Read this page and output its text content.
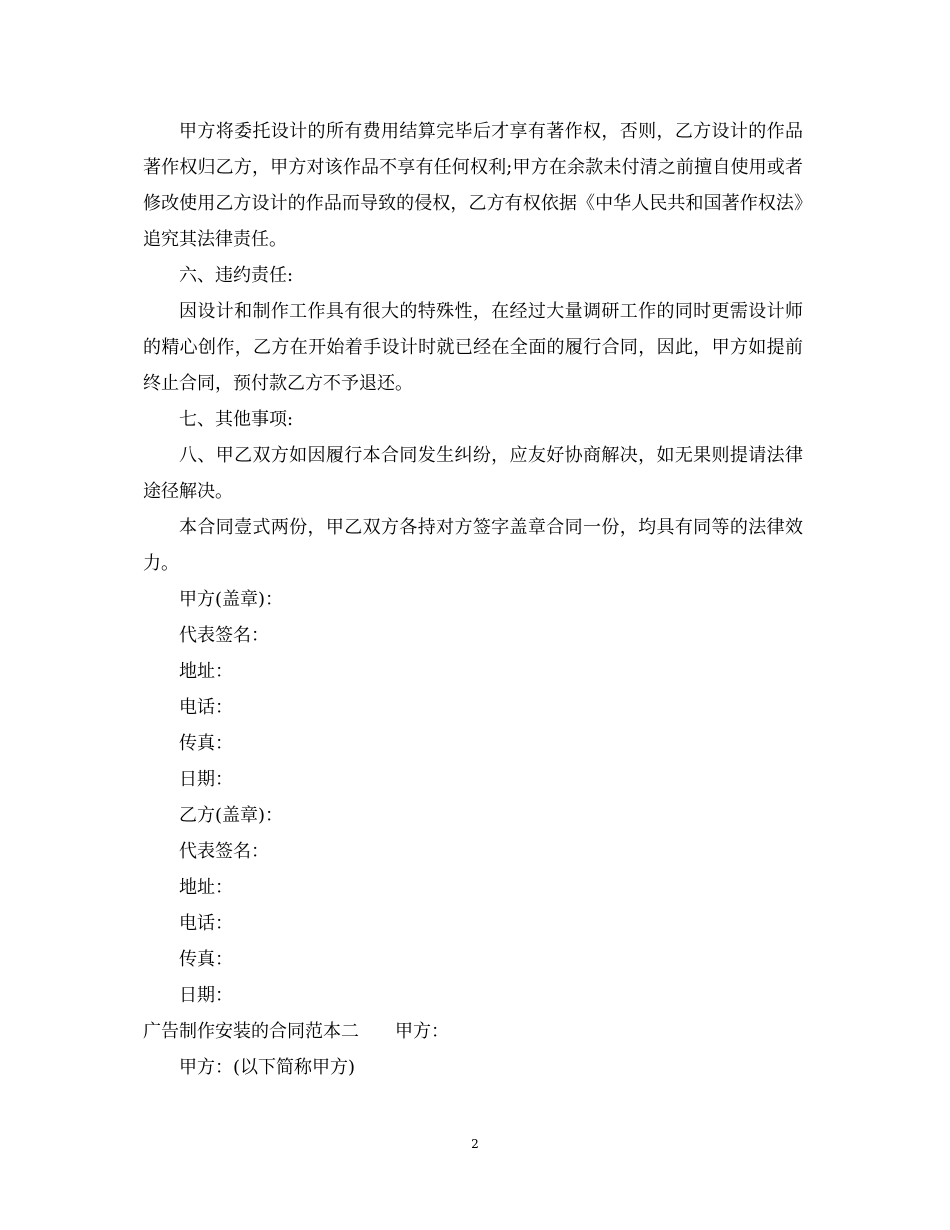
甲方将委托设计的所有费用结算完毕后才享有著作权，否则，乙方设计的作品著作权归乙方，甲方对该作品不享有任何权利;甲方在余款未付清之前擅自使用或者修改使用乙方设计的作品而导致的侵权，乙方有权依据《中华人民共和国著作权法》追究其法律责任。

六、违约责任:

因设计和制作工作具有很大的特殊性，在经过大量调研工作的同时更需设计师的精心创作，乙方在开始着手设计时就已经在全面的履行合同，因此，甲方如提前终止合同，预付款乙方不予退还。

七、其他事项:

八、甲乙双方如因履行本合同发生纠纷，应友好协商解决，如无果则提请法律途径解决。

本合同壹式两份，甲乙双方各持对方签字盖章合同一份，均具有同等的法律效力。

甲方(盖章)：

代表签名：

地址：

电话：

传真：

日期：

乙方(盖章)：

代表签名：

地址：

电话：

传真：

日期：

广告制作安装的合同范本二 甲方：

甲方：(以下简称甲方)

2
